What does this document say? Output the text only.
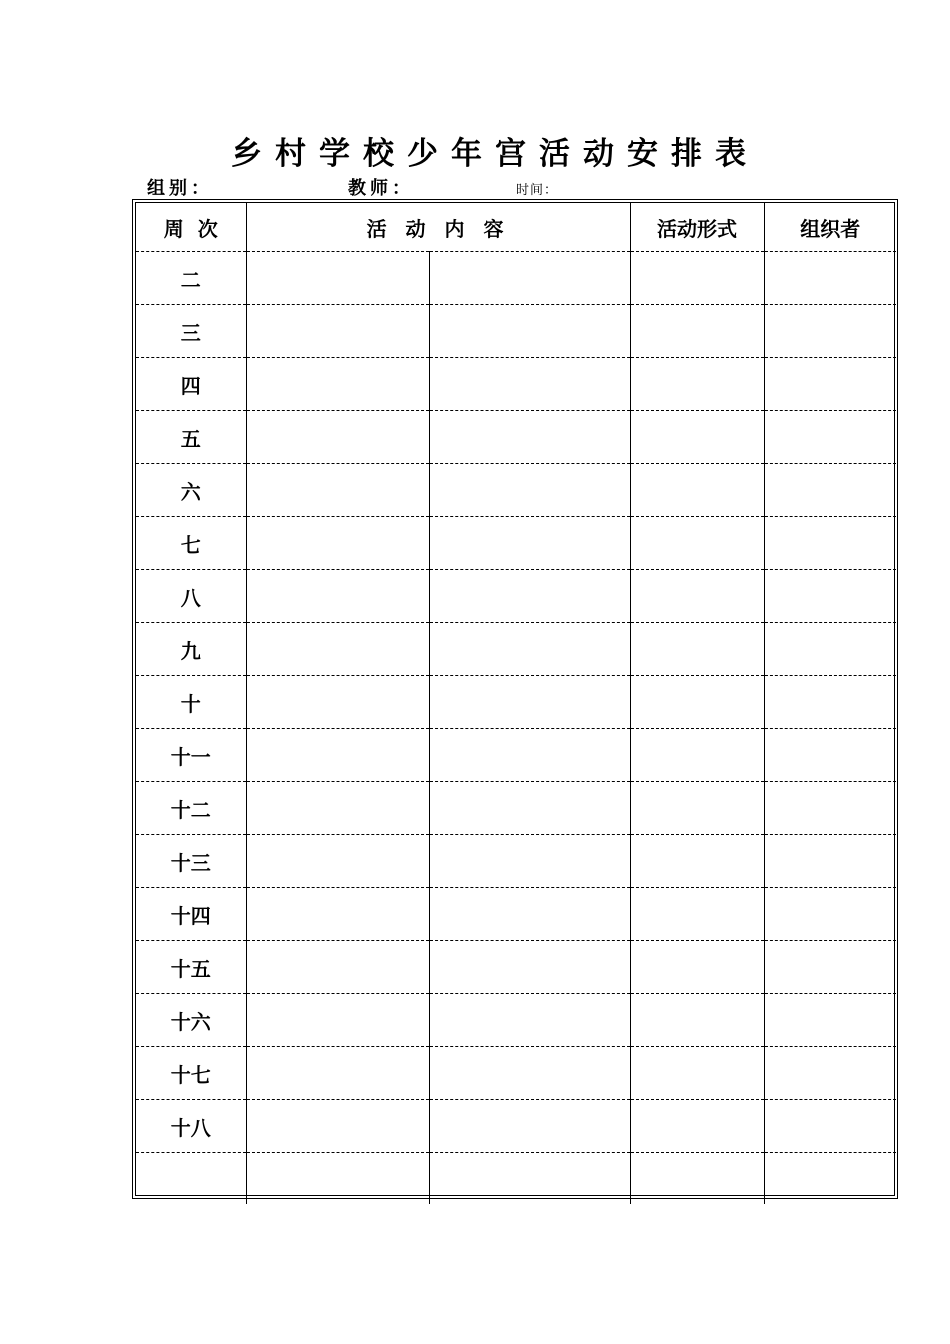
乡村学校少年宫活动安排表
组别：	教师：	时间：
周  次	活 动 内 容		活动形式	组织者
二				
三				
四				
五				
六				
七				
八				
九				
十				
十一				
十二				
十三				
十四				
十五				
十六				
十七				
十八				
